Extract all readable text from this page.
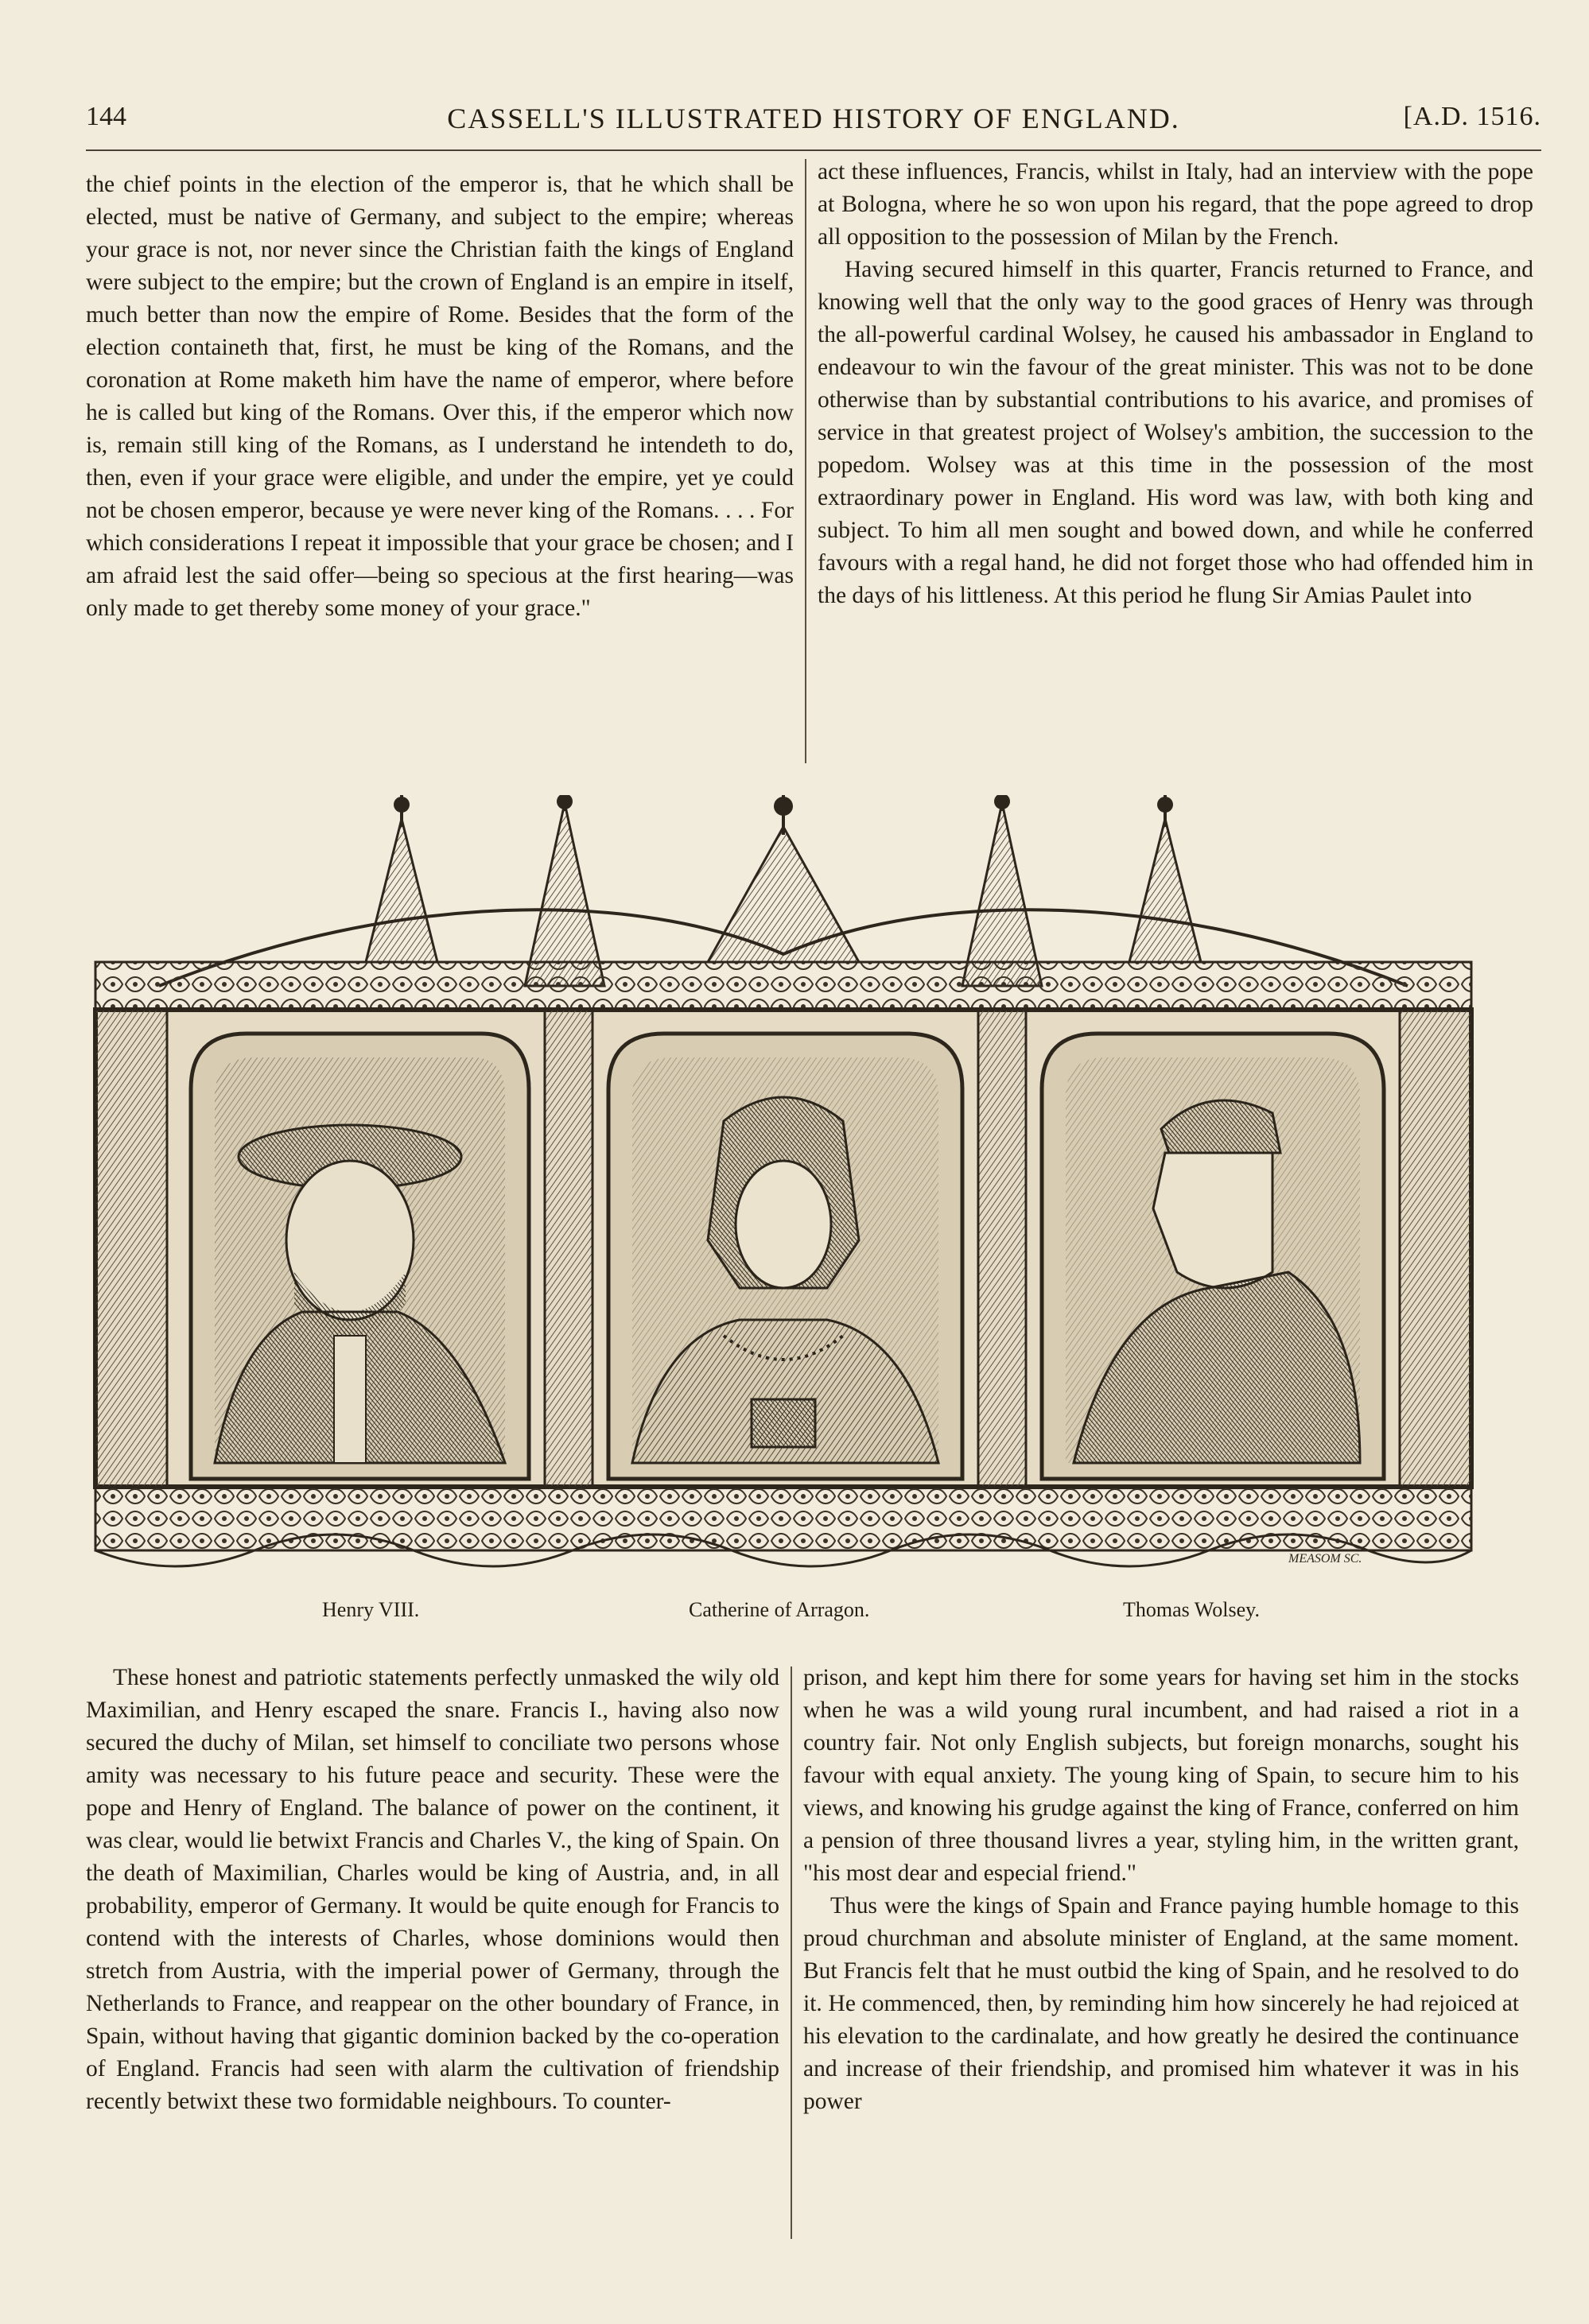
144	CASSELL'S ILLUSTRATED HISTORY OF ENGLAND.	[A.D. 1516.

the chief points in the election of the emperor is, that he which shall be elected, must be native of Germany, and subject to the empire; whereas your grace is not, nor never since the Christian faith the kings of England were subject to the empire; but the crown of England is an empire in itself, much better than now the empire of Rome. Besides that the form of the election containeth that, first, he must be king of the Romans, and the coronation at Rome maketh him have the name of emperor, where before he is called but king of the Romans. Over this, if the emperor which now is, remain still king of the Romans, as I understand he intendeth to do, then, even if your grace were eligible, and under the empire, yet ye could not be chosen emperor, because ye were never king of the Romans. . . . For which considerations I repeat it impossible that your grace be chosen; and I am afraid lest the said offer—being so specious at the first hearing—was only made to get thereby some money of your grace."

act these influences, Francis, whilst in Italy, had an interview with the pope at Bologna, where he so won upon his regard, that the pope agreed to drop all opposition to the possession of Milan by the French.

Having secured himself in this quarter, Francis returned to France, and knowing well that the only way to the good graces of Henry was through the all-powerful cardinal Wolsey, he caused his ambassador in England to endeavour to win the favour of the great minister. This was not to be done otherwise than by substantial contributions to his avarice, and promises of service in that greatest project of Wolsey's ambition, the succession to the popedom. Wolsey was at this time in the possession of the most extraordinary power in England. His word was law, with both king and subject. To him all men sought and bowed down, and while he conferred favours with a regal hand, he did not forget those who had offended him in the days of his littleness. At this period he flung Sir Amias Paulet into

MEASOM SC.
Henry VIII.	Catherine of Arragon.	Thomas Wolsey.

These honest and patriotic statements perfectly unmasked the wily old Maximilian, and Henry escaped the snare. Francis I., having also now secured the duchy of Milan, set himself to conciliate two persons whose amity was necessary to his future peace and security. These were the pope and Henry of England. The balance of power on the continent, it was clear, would lie betwixt Francis and Charles V., the king of Spain. On the death of Maximilian, Charles would be king of Austria, and, in all probability, emperor of Germany. It would be quite enough for Francis to contend with the interests of Charles, whose dominions would then stretch from Austria, with the imperial power of Germany, through the Netherlands to France, and reappear on the other boundary of France, in Spain, without having that gigantic dominion backed by the co-operation of England. Francis had seen with alarm the cultivation of friendship recently betwixt these two formidable neighbours. To counter-

prison, and kept him there for some years for having set him in the stocks when he was a wild young rural incumbent, and had raised a riot in a country fair. Not only English subjects, but foreign monarchs, sought his favour with equal anxiety. The young king of Spain, to secure him to his views, and knowing his grudge against the king of France, conferred on him a pension of three thousand livres a year, styling him, in the written grant, "his most dear and especial friend."

Thus were the kings of Spain and France paying humble homage to this proud churchman and absolute minister of England, at the same moment. But Francis felt that he must outbid the king of Spain, and he resolved to do it. He commenced, then, by reminding him how sincerely he had rejoiced at his elevation to the cardinalate, and how greatly he desired the continuance and increase of their friendship, and promised him whatever it was in his power
